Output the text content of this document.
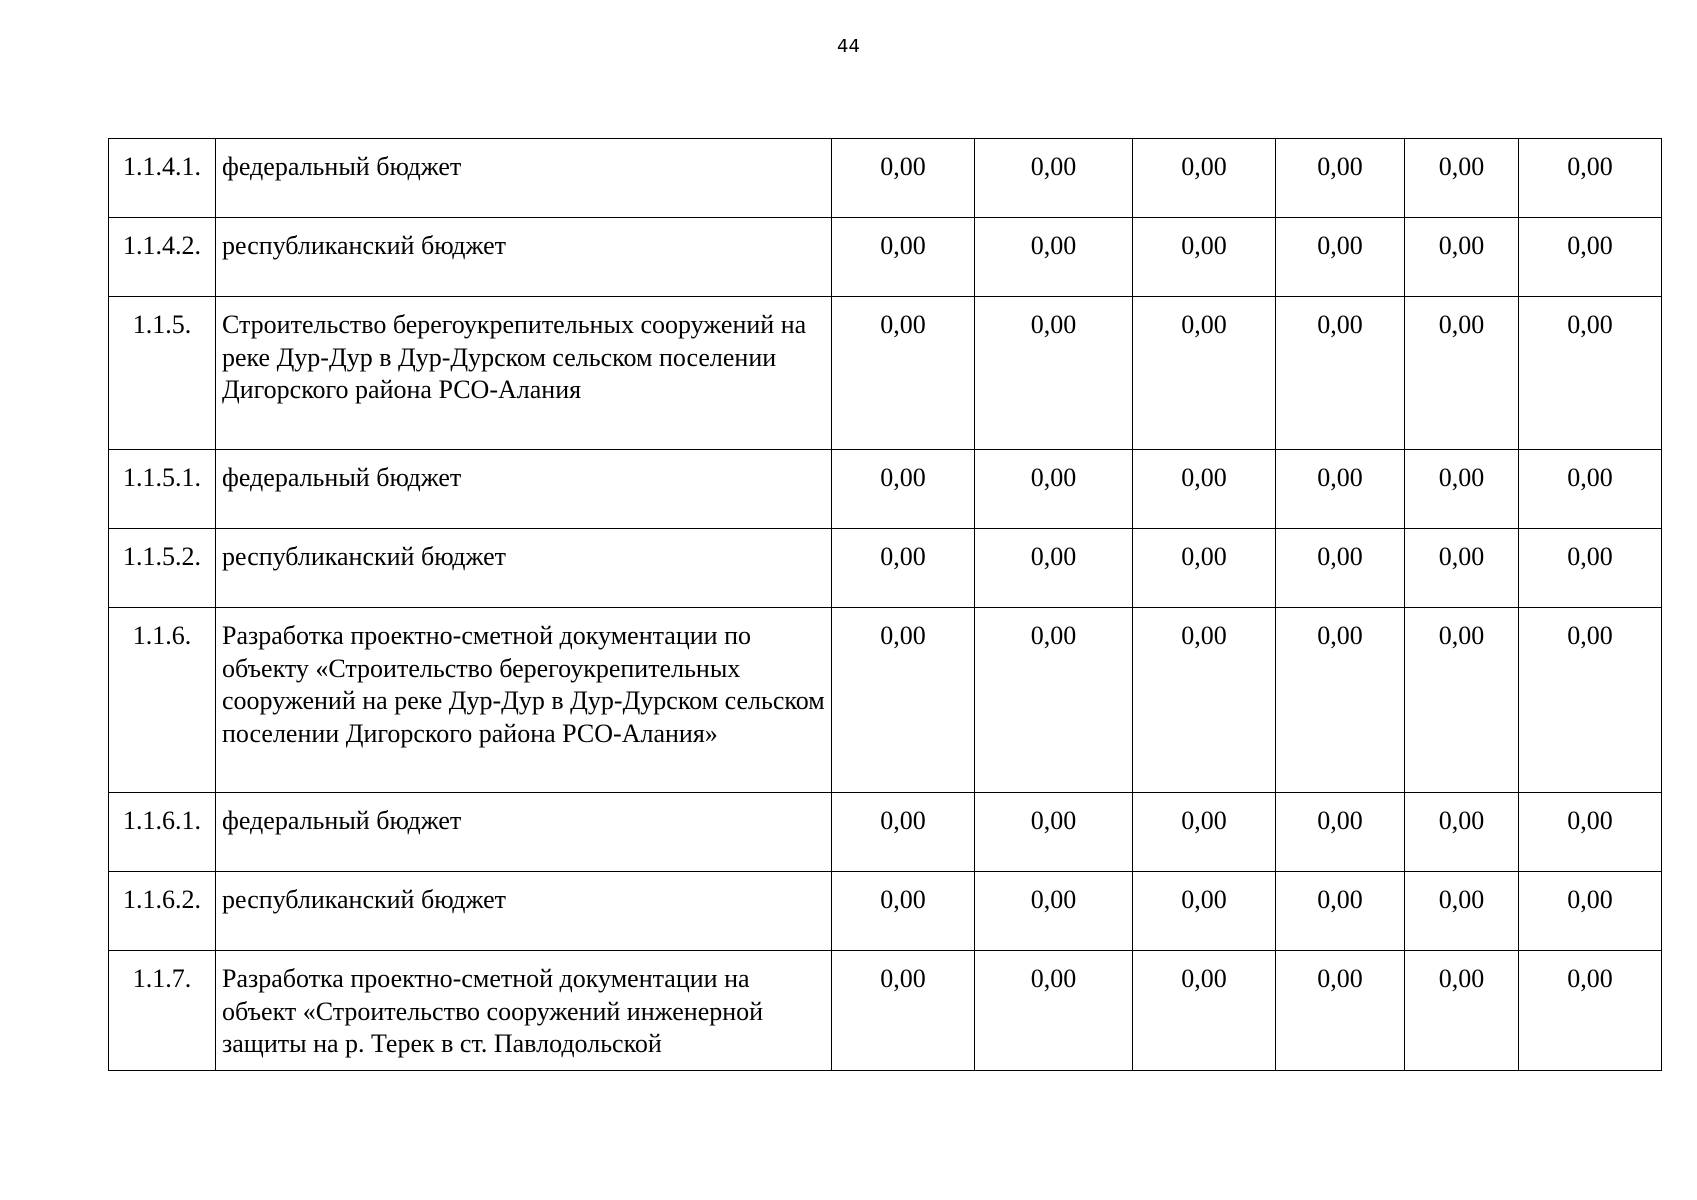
44
1.1.4.1.	федеральный бюджет	0,00	0,00	0,00	0,00	0,00	0,00
1.1.4.2.	республиканский бюджет	0,00	0,00	0,00	0,00	0,00	0,00
1.1.5.	Строительство берегоукрепительных сооружений на реке Дур-Дур в Дур-Дурском сельском поселении Дигорского района РСО-Алания	0,00	0,00	0,00	0,00	0,00	0,00
1.1.5.1.	федеральный бюджет	0,00	0,00	0,00	0,00	0,00	0,00
1.1.5.2.	республиканский бюджет	0,00	0,00	0,00	0,00	0,00	0,00
1.1.6.	Разработка проектно-сметной документации по объекту «Строительство берегоукрепительных сооружений на реке Дур-Дур в Дур-Дурском сельском поселении Дигорского района РСО-Алания»	0,00	0,00	0,00	0,00	0,00	0,00
1.1.6.1.	федеральный бюджет	0,00	0,00	0,00	0,00	0,00	0,00
1.1.6.2.	республиканский бюджет	0,00	0,00	0,00	0,00	0,00	0,00
1.1.7.	Разработка проектно-сметной документации на объект «Строительство сооружений инженерной защиты на р. Терек в ст. Павлодольской	0,00	0,00	0,00	0,00	0,00	0,00
